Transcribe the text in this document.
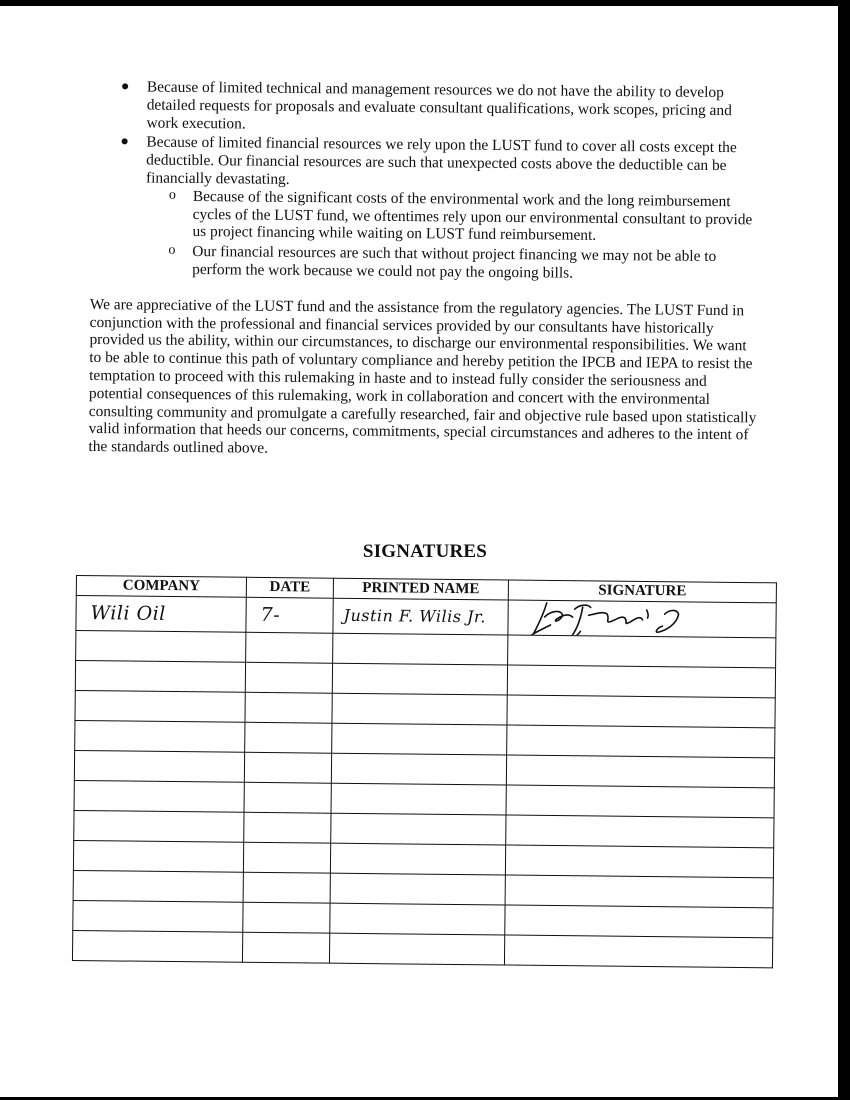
● Because of limited technical and management resources we do not have the ability to develop detailed requests for proposals and evaluate consultant qualifications, work scopes, pricing and work execution.
● Because of limited financial resources we rely upon the LUST fund to cover all costs except the deductible. Our financial resources are such that unexpected costs above the deductible can be financially devastating.
o Because of the significant costs of the environmental work and the long reimbursement cycles of the LUST fund, we oftentimes rely upon our environmental consultant to provide us project financing while waiting on LUST fund reimbursement.
o Our financial resources are such that without project financing we may not be able to perform the work because we could not pay the ongoing bills.

We are appreciative of the LUST fund and the assistance from the regulatory agencies. The LUST Fund in conjunction with the professional and financial services provided by our consultants have historically provided us the ability, within our circumstances, to discharge our environmental responsibilities. We want to be able to continue this path of voluntary compliance and hereby petition the IPCB and IEPA to resist the temptation to proceed with this rulemaking in haste and to instead fully consider the seriousness and potential consequences of this rulemaking, work in collaboration and concert with the environmental consulting community and promulgate a carefully researched, fair and objective rule based upon statistically valid information that heeds our concerns, commitments, special circumstances and adheres to the intent of the standards outlined above.

SIGNATURES
COMPANY	DATE	PRINTED NAME	SIGNATURE
Wili Oil	7-	Justin F. Wilis Jr.	
